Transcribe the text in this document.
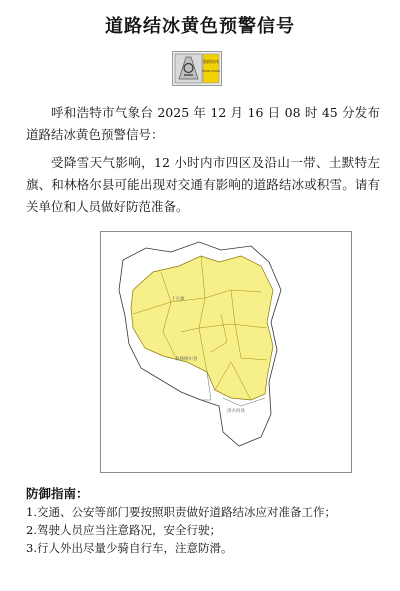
道路结冰黄色预警信号
道路结冰
ROAD ICING
呼和浩特市气象台 2025 年 12 月 16 日 08 时 45 分发布道路结冰黄色预警信号：
受降雪天气影响，12 小时内市四区及沿山一带、土默特左旗、和林格尔县可能出现对交通有影响的道路结冰或积雪。请有关单位和人员做好防范准备。
土左旗
和林格尔县
清水河县
防御指南：
1.交通、公安等部门要按照职责做好道路结冰应对准备工作；
2.驾驶人员应当注意路况，安全行驶；
3.行人外出尽量少骑自行车，注意防滑。
